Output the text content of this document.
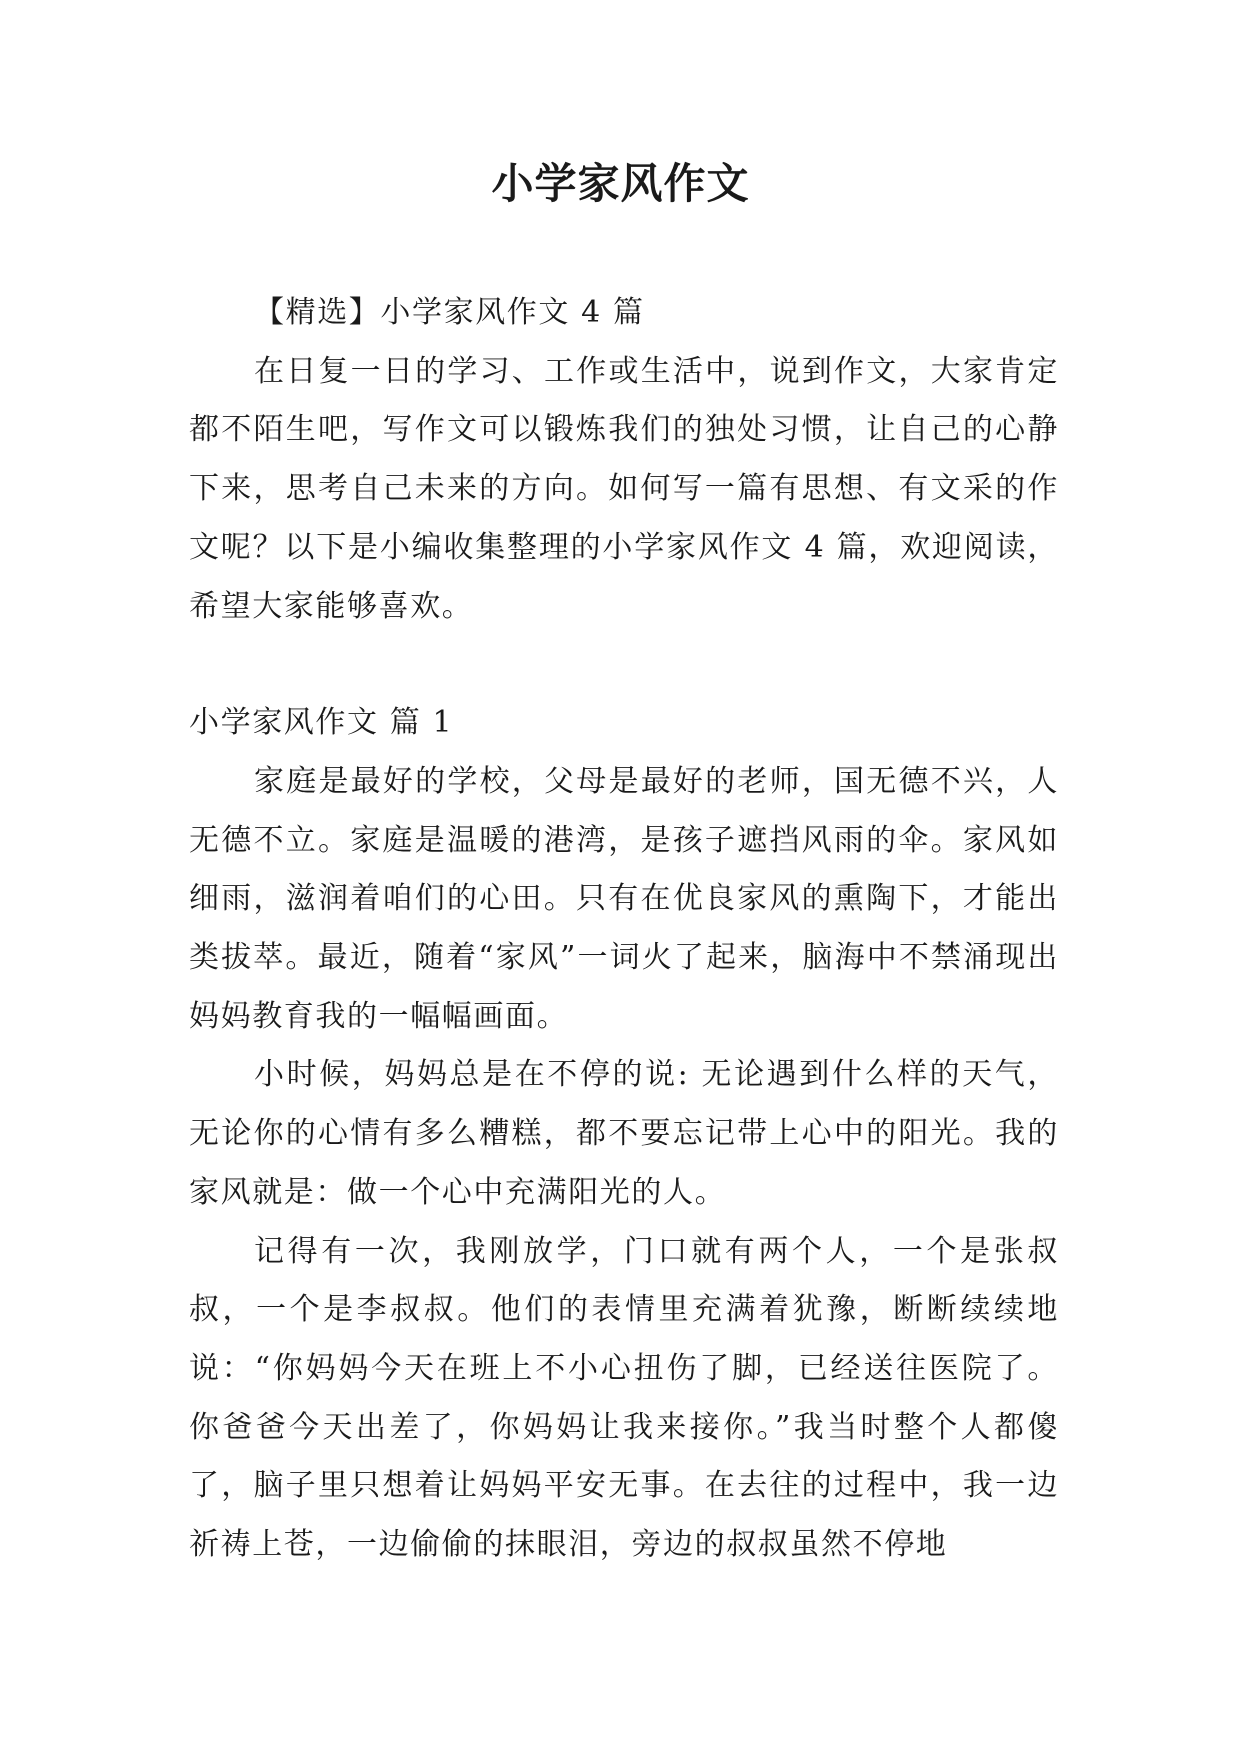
小学家风作文

【精选】小学家风作文 4 篇

在日复一日的学习、工作或生活中，说到作文，大家肯定都不陌生吧，写作文可以锻炼我们的独处习惯，让自己的心静下来，思考自己未来的方向。如何写一篇有思想、有文采的作文呢？以下是小编收集整理的小学家风作文 4 篇，欢迎阅读，希望大家能够喜欢。

小学家风作文 篇 1

家庭是最好的学校，父母是最好的老师，国无德不兴，人无德不立。家庭是温暖的港湾，是孩子遮挡风雨的伞。家风如细雨，滋润着咱们的心田。只有在优良家风的熏陶下，才能出类拔萃。最近，随着“家风”一词火了起来，脑海中不禁涌现出妈妈教育我的一幅幅画面。

小时候，妈妈总是在不停的说: 无论遇到什么样的天气，无论你的心情有多么糟糕，都不要忘记带上心中的阳光。我的家风就是：做一个心中充满阳光的人。

记得有一次，我刚放学，门口就有两个人，一个是张叔叔，一个是李叔叔。他们的表情里充满着犹豫，断断续续地说：“你妈妈今天在班上不小心扭伤了脚，已经送往医院了。你爸爸今天出差了，你妈妈让我来接你。”我当时整个人都傻了，脑子里只想着让妈妈平安无事。在去往的过程中，我一边祈祷上苍，一边偷偷的抹眼泪，旁边的叔叔虽然不停地
